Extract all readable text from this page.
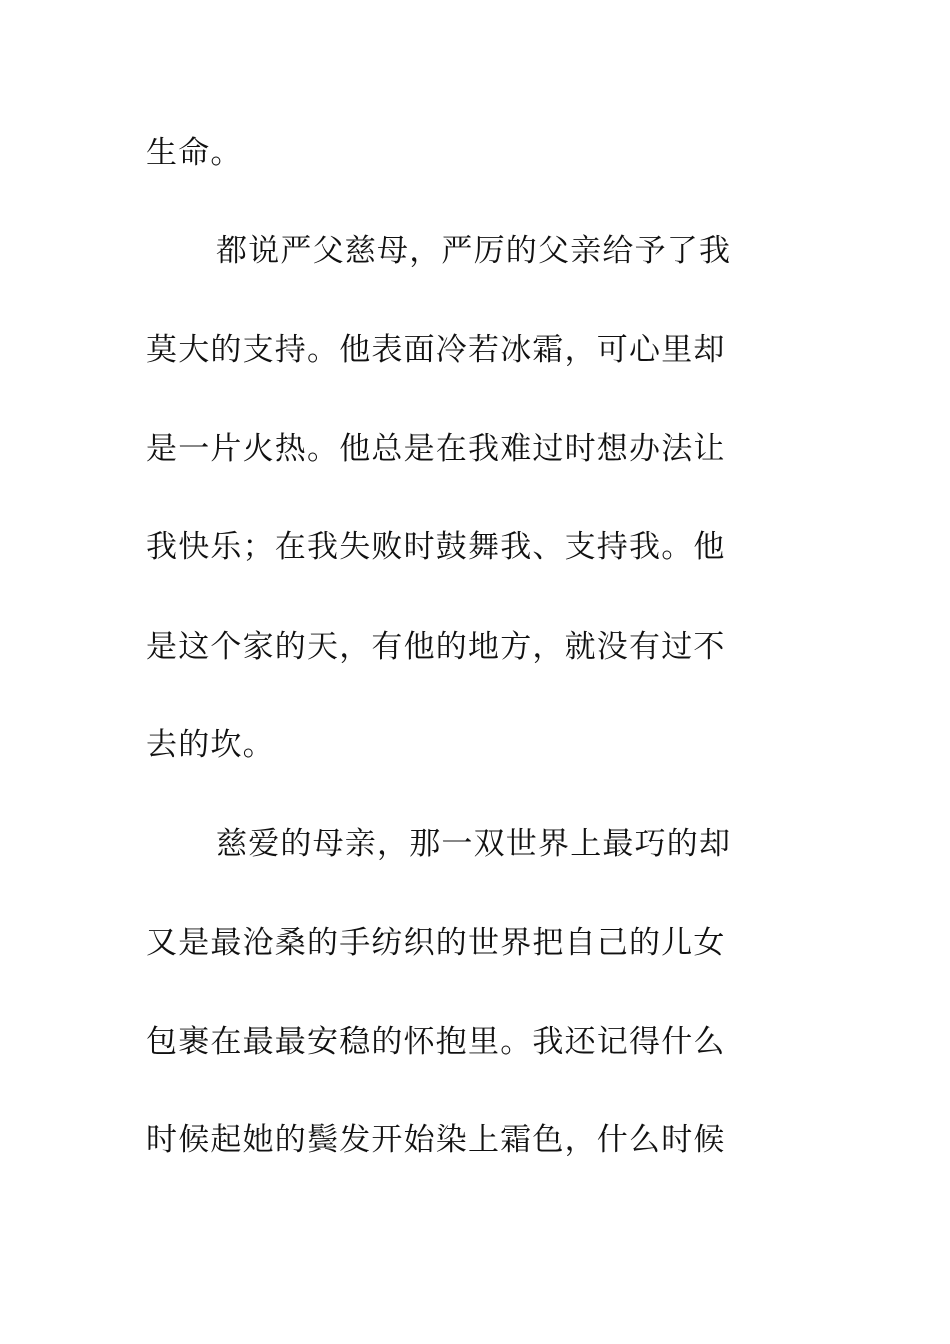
生命。
都说严父慈母，严厉的父亲给予了我
莫大的支持。他表面冷若冰霜，可心里却
是一片火热。他总是在我难过时想办法让
我快乐；在我失败时鼓舞我、支持我。他
是这个家的天，有他的地方，就没有过不
去的坎。
慈爱的母亲，那一双世界上最巧的却
又是最沧桑的手纺织的世界把自己的儿女
包裹在最最安稳的怀抱里。我还记得什么
时候起她的鬓发开始染上霜色，什么时候
